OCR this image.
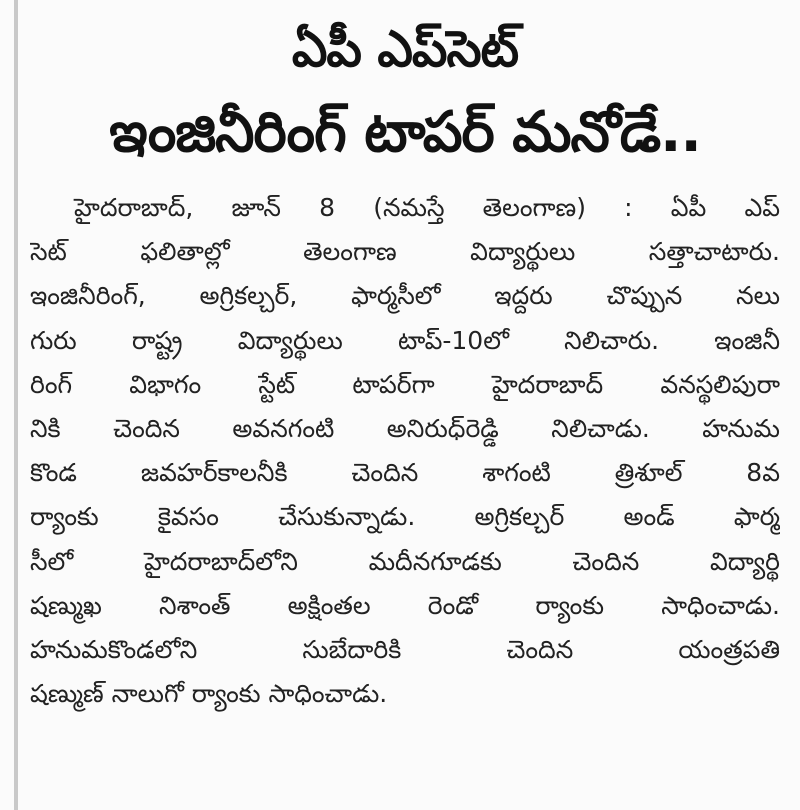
ఏపీ ఎప్‌సెట్
ఇంజినీరింగ్ టాపర్ మనోడే..
హైదరాబాద్, జూన్ 8 (నమస్తే తెలంగాణ) : ఏపీ ఎప్
సెట్ ఫలితాల్లో తెలంగాణ విద్యార్థులు సత్తాచాటారు.
ఇంజినీరింగ్, అగ్రికల్చర్, ఫార్మసీలో ఇద్దరు చొప్పున నలు
గురు రాష్ట్ర విద్యార్థులు టాప్-10లో నిలిచారు. ఇంజినీ
రింగ్ విభాగం స్టేట్ టాపర్‌గా హైదరాబాద్ వనస్థలిపురా
నికి చెందిన అవనగంటి అనిరుధ్‌రెడ్డి నిలిచాడు. హనుమ
కొండ జవహర్‌కాలనీకి చెందిన శాగంటి త్రిశూల్ 8వ
ర్యాంకు కైవసం చేసుకున్నాడు. అగ్రికల్చర్ అండ్ ఫార్మ
సీలో హైదరాబాద్‌లోని మదీనగూడకు చెందిన విద్యార్థి
షణ్ముఖ నిశాంత్ అక్షింతల రెండో ర్యాంకు సాధించాడు.
హనుమకొండలోని సుబేదారికి చెందిన యంత్రపతి
షణ్ముణ్ నాలుగో ర్యాంకు సాధించాడు.
